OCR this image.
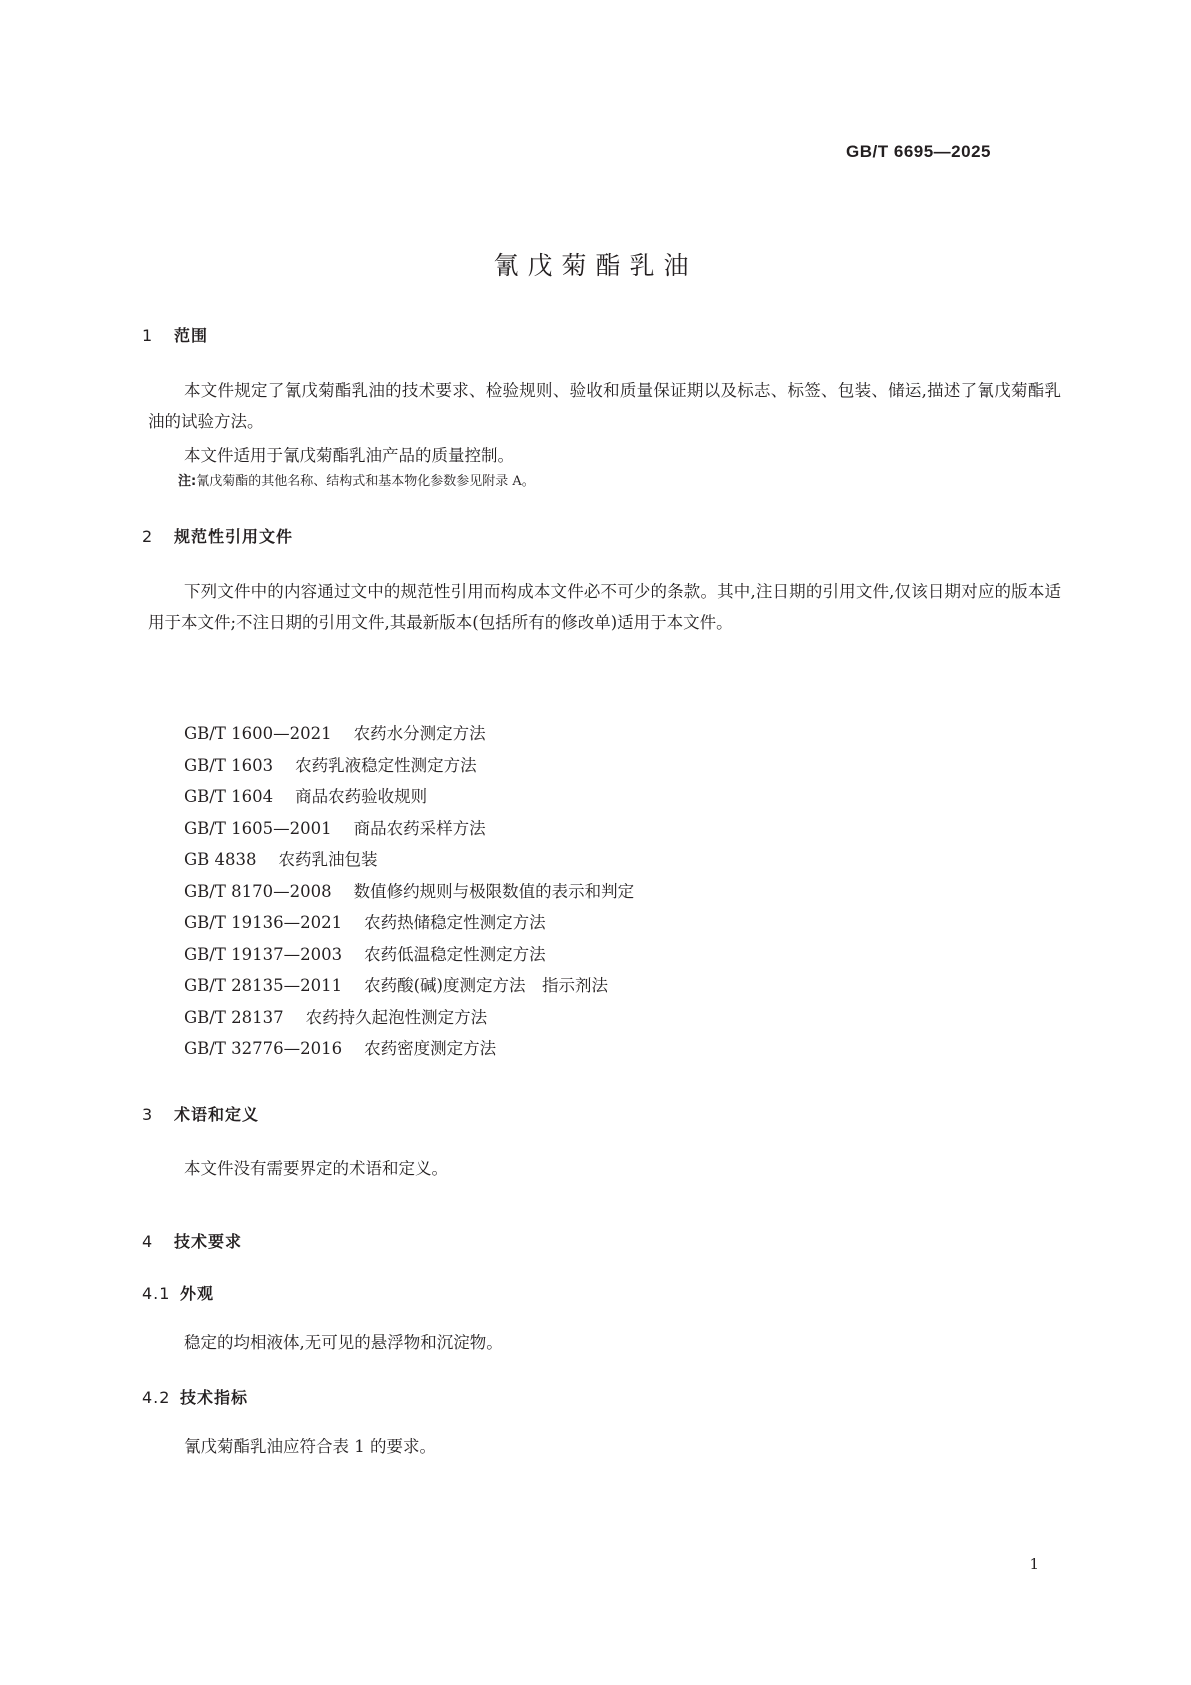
GB/T 6695—2025
氰戊菊酯乳油
1 范围
本文件规定了氰戊菊酯乳油的技术要求、检验规则、验收和质量保证期以及标志、标签、包装、储运,描述了氰戊菊酯乳油的试验方法。
本文件适用于氰戊菊酯乳油产品的质量控制。
注:氰戊菊酯的其他名称、结构式和基本物化参数参见附录 A。
2 规范性引用文件
下列文件中的内容通过文中的规范性引用而构成本文件必不可少的条款。其中,注日期的引用文件,仅该日期对应的版本适用于本文件;不注日期的引用文件,其最新版本(包括所有的修改单)适用于本文件。
GB/T 1600—2021 农药水分测定方法
GB/T 1603 农药乳液稳定性测定方法
GB/T 1604 商品农药验收规则
GB/T 1605—2001 商品农药采样方法
GB 4838 农药乳油包装
GB/T 8170—2008 数值修约规则与极限数值的表示和判定
GB/T 19136—2021 农药热储稳定性测定方法
GB/T 19137—2003 农药低温稳定性测定方法
GB/T 28135—2011 农药酸(碱)度测定方法　指示剂法
GB/T 28137 农药持久起泡性测定方法
GB/T 32776—2016 农药密度测定方法
3 术语和定义
本文件没有需要界定的术语和定义。
4 技术要求
4.1 外观
稳定的均相液体,无可见的悬浮物和沉淀物。
4.2 技术指标
氰戊菊酯乳油应符合表 1 的要求。
1
